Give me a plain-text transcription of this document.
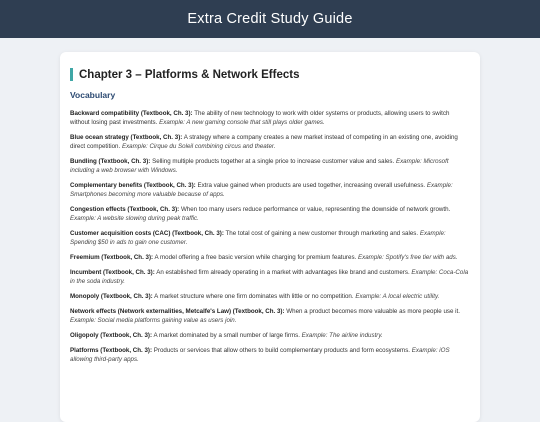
Extra Credit Study Guide
Chapter 3 – Platforms & Network Effects
Vocabulary

Backward compatibility (Textbook, Ch. 3): The ability of new technology to work with older systems or products, allowing users to switch without losing past investments. Example: A new gaming console that still plays older games.

Blue ocean strategy (Textbook, Ch. 3): A strategy where a company creates a new market instead of competing in an existing one, avoiding direct competition. Example: Cirque du Soleil combining circus and theater.

Bundling (Textbook, Ch. 3): Selling multiple products together at a single price to increase customer value and sales. Example: Microsoft including a web browser with Windows.

Complementary benefits (Textbook, Ch. 3): Extra value gained when products are used together, increasing overall usefulness. Example: Smartphones becoming more valuable because of apps.

Congestion effects (Textbook, Ch. 3): When too many users reduce performance or value, representing the downside of network growth. Example: A website slowing during peak traffic.

Customer acquisition costs (CAC) (Textbook, Ch. 3): The total cost of gaining a new customer through marketing and sales. Example: Spending $50 in ads to gain one customer.

Freemium (Textbook, Ch. 3): A model offering a free basic version while charging for premium features. Example: Spotify's free tier with ads.

Incumbent (Textbook, Ch. 3): An established firm already operating in a market with advantages like brand and customers. Example: Coca-Cola in the soda industry.

Monopoly (Textbook, Ch. 3): A market structure where one firm dominates with little or no competition. Example: A local electric utility.

Network effects (Network externalities, Metcalfe's Law) (Textbook, Ch. 3): When a product becomes more valuable as more people use it. Example: Social media platforms gaining value as users join.

Oligopoly (Textbook, Ch. 3): A market dominated by a small number of large firms. Example: The airline industry.

Platforms (Textbook, Ch. 3): Products or services that allow others to build complementary products and form ecosystems. Example: iOS allowing third-party apps.
